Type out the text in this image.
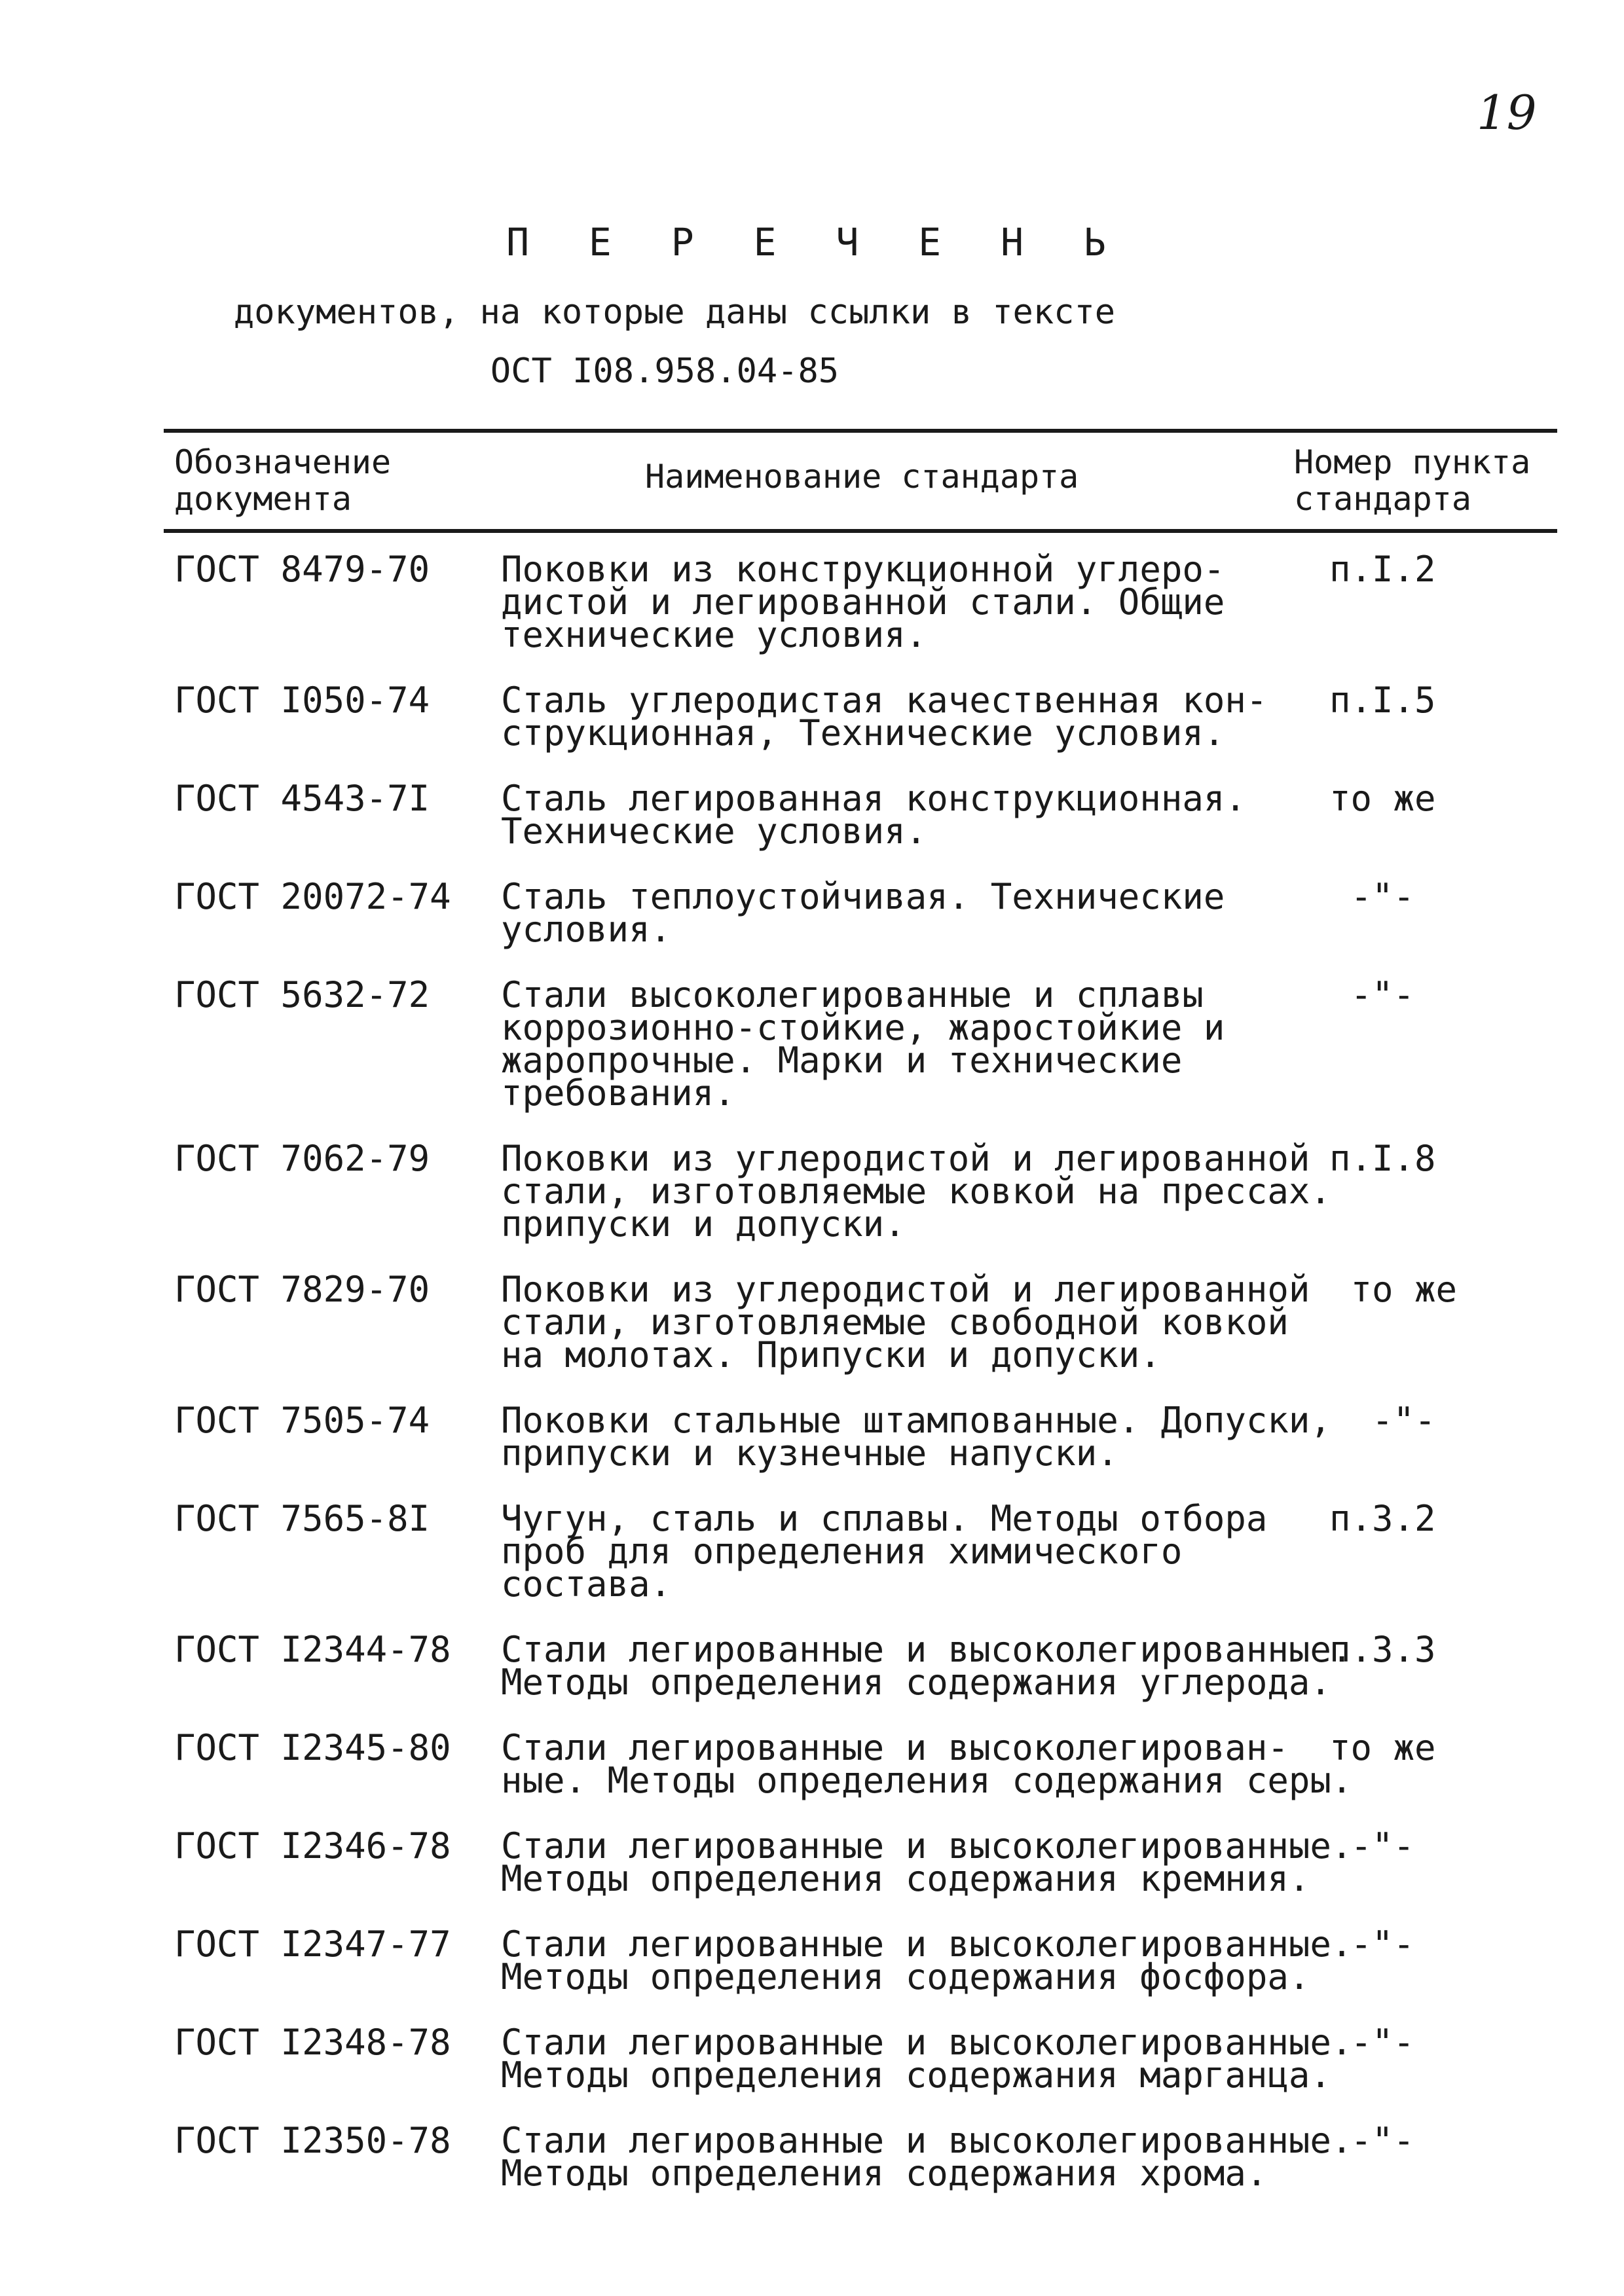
19
П Е Р Е Ч Е Н Ь
документов, на которые даны ссылки в тексте
ОСТ I08.958.04-85
Обозначение
документа
Наименование стандарта	Номер пункта
стандарта
ГОСТ 8479-70 Поковки из конструкционной углеро-
дистой и легированной стали. Общие
технические условия.
п.I.2
ГОСТ I050-74 Сталь углеродистая качественная кон-
струкционная, Технические условия.
п.I.5
ГОСТ 4543-7I Сталь легированная конструкционная.
Технические условия.
то же
ГОСТ 20072-74 Сталь теплоустойчивая. Технические
условия.
-"-
ГОСТ 5632-72 Стали высоколегированные и сплавы
коррозионно-стойкие, жаростойкие и
жаропрочные. Марки и технические
требования.
-"-
ГОСТ 7062-79 Поковки из углеродистой и легированной
стали, изготовляемые ковкой на прессах.
припуски и допуски.
п.I.8
ГОСТ 7829-70 Поковки из углеродистой и легированной
стали, изготовляемые свободной ковкой
на молотах. Припуски и допуски.
то же
ГОСТ 7505-74 Поковки стальные штампованные. Допуски,
припуски и кузнечные напуски.
-"-
ГОСТ 7565-8I Чугун, сталь и сплавы. Методы отбора
проб для определения химического
состава.
п.3.2
ГОСТ I2344-78 Стали легированные и высоколегированные.
Методы определения содержания углерода.
п.3.3
ГОСТ I2345-80 Стали легированные и высоколегирован-
ные. Методы определения содержания серы.
то же
ГОСТ I2346-78 Стали легированные и высоколегированные.
Методы определения содержания кремния.
-"-
ГОСТ I2347-77 Стали легированные и высоколегированные.
Методы определения содержания фосфора.
-"-
ГОСТ I2348-78 Стали легированные и высоколегированные.
Методы определения содержания марганца.
-"-
ГОСТ I2350-78 Стали легированные и высоколегированные.
Методы определения содержания хрома.
-"-
